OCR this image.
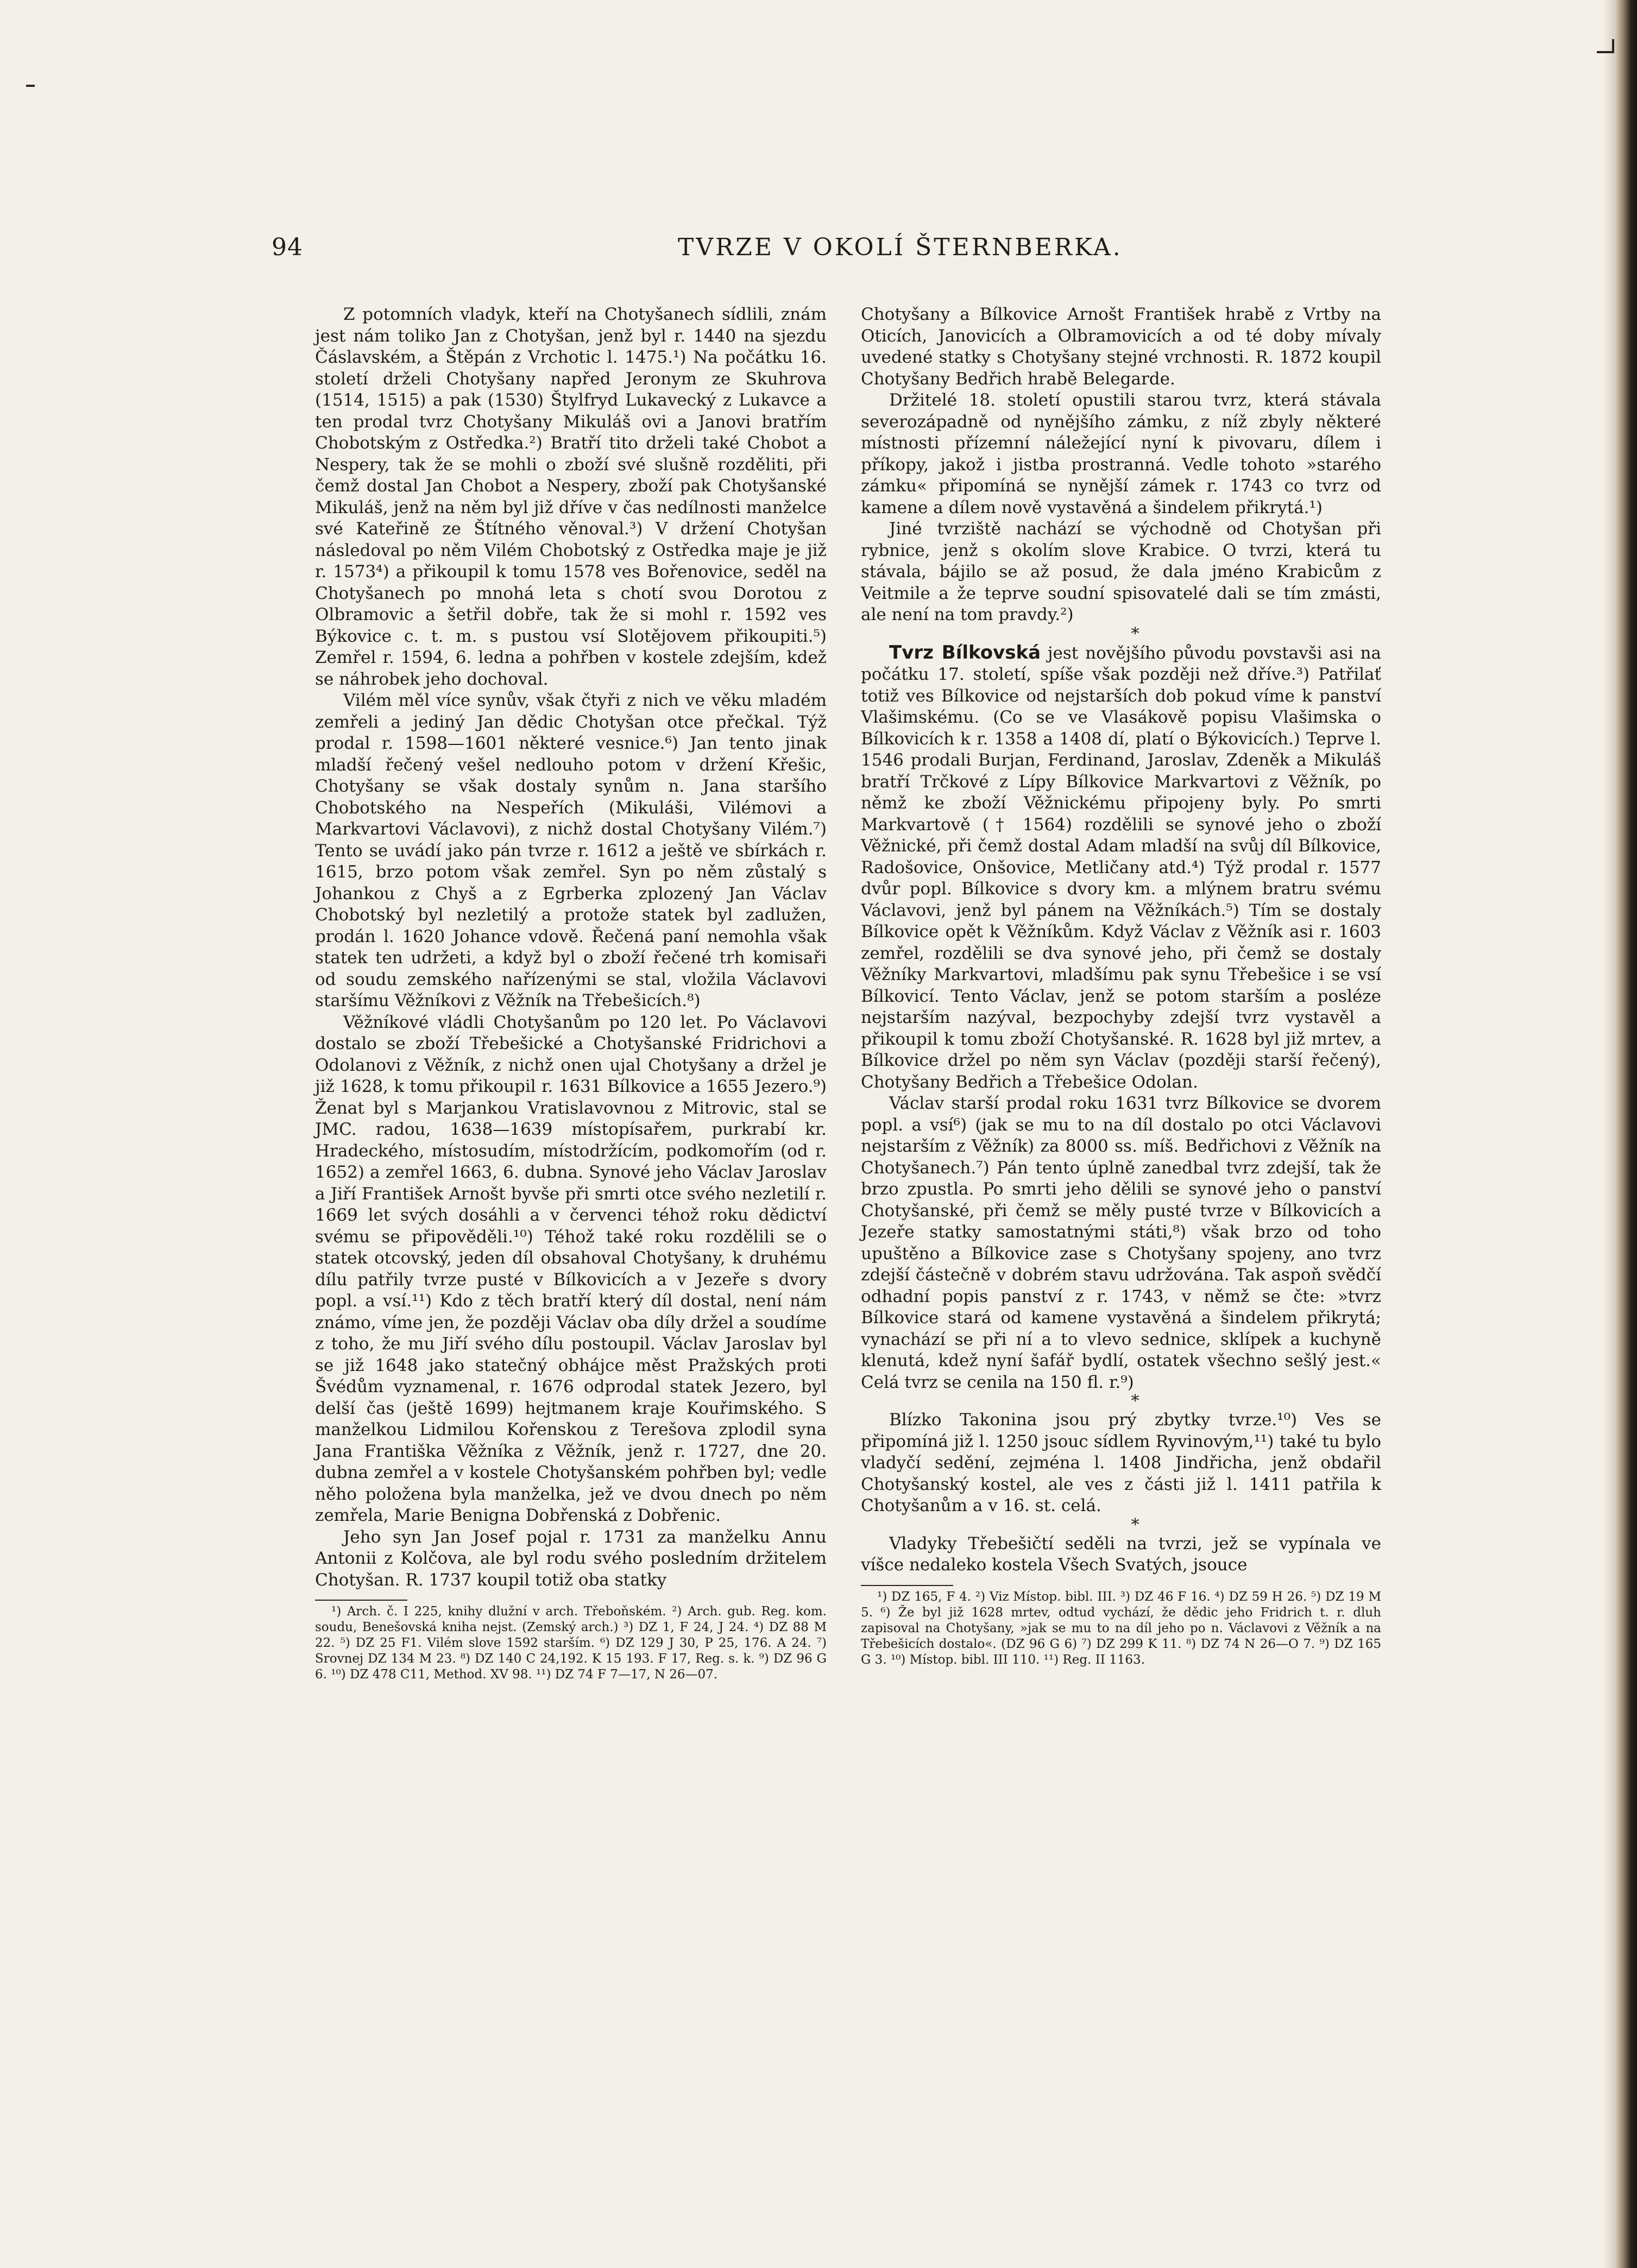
94	TVRZE V OKOLÍ ŠTERNBERKA.

Z potomních vladyk, kteří na Chotyšanech sídlili, znám jest nám toliko Jan z Chotyšan, jenž byl r. 1440 na sjezdu Čáslavském, a Štěpán z Vrchotic l. 1475.¹) Na počátku 16. století drželi Chotyšany napřed Jeronym ze Skuhrova (1514, 1515) a pak (1530) Štylfryd Lukavecký z Lukavce a ten prodal tvrz Chotyšany Mikuláš ovi a Janovi bratřím Chobotským z Ostředka.²) Bratří tito drželi také Chobot a Nespery, tak že se mohli o zboží své slušně rozděliti, při čemž dostal Jan Chobot a Nespery, zboží pak Chotyšanské Mikuláš, jenž na něm byl již dříve v čas nedílnosti manželce své Kateřině ze Štítného věnoval.³) V držení Chotyšan následoval po něm Vilém Chobotský z Ostředka maje je již r. 1573⁴) a přikoupil k tomu 1578 ves Bořenovice, seděl na Chotyšanech po mnohá leta s chotí svou Dorotou z Olbramovic a šetřil dobře, tak že si mohl r. 1592 ves Býkovice c. t. m. s pustou vsí Slotějovem přikoupiti.⁵) Zemřel r. 1594, 6. ledna a pohřben v kostele zdejším, kdež se náhrobek jeho dochoval.

Vilém měl více synův, však čtyři z nich ve věku mladém zemřeli a jediný Jan dědic Chotyšan otce přečkal. Týž prodal r. 1598—1601 některé vesnice.⁶) Jan tento jinak mladší řečený vešel nedlouho potom v držení Křešic, Chotyšany se však dostaly synům n. Jana staršího Chobotského na Nespeřích (Mikuláši, Vilémovi a Markvartovi Václavovi), z nichž dostal Chotyšany Vilém.⁷) Tento se uvádí jako pán tvrze r. 1612 a ještě ve sbírkách r. 1615, brzo potom však zemřel. Syn po něm zůstalý s Johankou z Chyš a z Egrberka zplozený Jan Václav Chobotský byl nezletilý a protože statek byl zadlužen, prodán l. 1620 Johance vdově. Řečená paní nemohla však statek ten udržeti, a když byl o zboží řečené trh komisaři od soudu zemského nařízenými se stal, vložila Václavovi staršímu Věžníkovi z Věžník na Třebešicích.⁸)

Věžníkové vládli Chotyšanům po 120 let. Po Václavovi dostalo se zboží Třebešické a Chotyšanské Fridrichovi a Odolanovi z Věžník, z nichž onen ujal Chotyšany a držel je již 1628, k tomu přikoupil r. 1631 Bílkovice a 1655 Jezero.⁹) Ženat byl s Marjankou Vratislavovnou z Mitrovic, stal se JMC. radou, 1638—1639 místopísařem, purkrabí kr. Hradeckého, místosudím, místodržícím, podkomořím (od r. 1652) a zemřel 1663, 6. dubna. Synové jeho Václav Jaroslav a Jiří František Arnošt byvše při smrti otce svého nezletilí r. 1669 let svých dosáhli a v červenci téhož roku dědictví svému se připověděli.¹⁰) Téhož také roku rozdělili se o statek otcovský, jeden díl obsahoval Chotyšany, k druhému dílu patřily tvrze pusté v Bílkovicích a v Jezeře s dvory popl. a vsí.¹¹) Kdo z těch bratří který díl dostal, není nám známo, víme jen, že později Václav oba díly držel a soudíme z toho, že mu Jiří svého dílu postoupil. Václav Jaroslav byl se již 1648 jako statečný obhájce měst Pražských proti Švédům vyznamenal, r. 1676 odprodal statek Jezero, byl delší čas (ještě 1699) hejtmanem kraje Kouřimského. S manželkou Lidmilou Kořenskou z Terešova zplodil syna Jana Františka Věžníka z Věžník, jenž r. 1727, dne 20. dubna zemřel a v kostele Chotyšanském pohřben byl; vedle něho položena byla manželka, jež ve dvou dnech po něm zemřela, Marie Benigna Dobřenská z Dobřenic.

Jeho syn Jan Josef pojal r. 1731 za manželku Annu Antonii z Kolčova, ale byl rodu svého posledním držitelem Chotyšan. R. 1737 koupil totiž oba statky

¹) Arch. č. I 225, knihy dlužní v arch. Třeboňském. ²) Arch. gub. Reg. kom. soudu, Benešovská kniha nejst. (Zemský arch.) ³) DZ 1, F 24, J 24. ⁴) DZ 88 M 22. ⁵) DZ 25 F1. Vilém slove 1592 starším. ⁶) DZ 129 J 30, P 25, 176. A 24. ⁷) Srovnej DZ 134 M 23. ⁸) DZ 140 C 24,192. K 15 193. F 17, Reg. s. k. ⁹) DZ 96 G 6. ¹⁰) DZ 478 C11, Method. XV 98. ¹¹) DZ 74 F 7—17, N 26—07.

Chotyšany a Bílkovice Arnošt František hrabě z Vrtby na Oticích, Janovicích a Olbramovicích a od té doby mívaly uvedené statky s Chotyšany stejné vrchnosti. R. 1872 koupil Chotyšany Bedřich hrabě Belegarde.

Držitelé 18. století opustili starou tvrz, která stávala severozápadně od nynějšího zámku, z níž zbyly některé místnosti přízemní náležející nyní k pivovaru, dílem i příkopy, jakož i jistba prostranná. Vedle tohoto »starého zámku« připomíná se nynější zámek r. 1743 co tvrz od kamene a dílem nově vystavěná a šindelem přikrytá.¹)

Jiné tvrziště nachází se východně od Chotyšan při rybnice, jenž s okolím slove Krabice. O tvrzi, která tu stávala, bájilo se až posud, že dala jméno Krabicům z Veitmile a že teprve soudní spisovatelé dali se tím zmásti, ale není na tom pravdy.²)

*

Tvrz Bílkovská jest novějšího původu povstavši asi na počátku 17. století, spíše však později než dříve.³) Patřilať totiž ves Bílkovice od nejstarších dob pokud víme k panství Vlašimskému. (Co se ve Vlasákově popisu Vlašimska o Bílkovicích k r. 1358 a 1408 dí, platí o Býkovicích.) Teprve l. 1546 prodali Burjan, Ferdinand, Jaroslav, Zdeněk a Mikuláš bratří Trčkové z Lípy Bílkovice Markvartovi z Věžník, po němž ke zboží Věžnickému připojeny byly. Po smrti Markvartově († 1564) rozdělili se synové jeho o zboží Věžnické, při čemž dostal Adam mladší na svůj díl Bílkovice, Radošovice, Onšovice, Metličany atd.⁴) Týž prodal r. 1577 dvůr popl. Bílkovice s dvory km. a mlýnem bratru svému Václavovi, jenž byl pánem na Věžníkách.⁵) Tím se dostaly Bílkovice opět k Věžníkům. Když Václav z Věžník asi r. 1603 zemřel, rozdělili se dva synové jeho, při čemž se dostaly Věžníky Markvartovi, mladšímu pak synu Třebešice i se vsí Bílkovicí. Tento Václav, jenž se potom starším a posléze nejstarším nazýval, bezpochyby zdejší tvrz vystavěl a přikoupil k tomu zboží Chotyšanské. R. 1628 byl již mrtev, a Bílkovice držel po něm syn Václav (později starší řečený), Chotyšany Bedřich a Třebešice Odolan.

Václav starší prodal roku 1631 tvrz Bílkovice se dvorem popl. a vsí⁶) (jak se mu to na díl dostalo po otci Václavovi nejstarším z Věžník) za 8000 ss. míš. Bedřichovi z Věžník na Chotyšanech.⁷) Pán tento úplně zanedbal tvrz zdejší, tak že brzo zpustla. Po smrti jeho dělili se synové jeho o panství Chotyšanské, při čemž se měly pusté tvrze v Bílkovicích a Jezeře statky samostatnými státi,⁸) však brzo od toho upuštěno a Bílkovice zase s Chotyšany spojeny, ano tvrz zdejší částečně v dobrém stavu udržována. Tak aspoň svědčí odhadní popis panství z r. 1743, v němž se čte: »tvrz Bílkovice stará od kamene vystavěná a šindelem přikrytá; vynachází se při ní a to vlevo sednice, sklípek a kuchyně klenutá, kdež nyní šafář bydlí, ostatek všechno sešlý jest.« Celá tvrz se cenila na 150 fl. r.⁹)

*

Blízko Takonina jsou prý zbytky tvrze.¹⁰) Ves se připomíná již l. 1250 jsouc sídlem Ryvinovým,¹¹) také tu bylo vladyčí sedění, zejména l. 1408 Jindřicha, jenž obdařil Chotyšanský kostel, ale ves z části již l. 1411 patřila k Chotyšanům a v 16. st. celá.

*

Vladyky Třebešičtí seděli na tvrzi, jež se vypínala ve víšce nedaleko kostela Všech Svatých, jsouce

¹) DZ 165, F 4. ²) Viz Místop. bibl. III. ³) DZ 46 F 16. ⁴) DZ 59 H 26. ⁵) DZ 19 M 5. ⁶) Že byl již 1628 mrtev, odtud vychází, že dědic jeho Fridrich t. r. dluh zapisoval na Chotyšany, »jak se mu to na díl jeho po n. Václavovi z Věžník a na Třebešicích dostalo«. (DZ 96 G 6) ⁷) DZ 299 K 11. ⁸) DZ 74 N 26—O 7. ⁹) DZ 165 G 3. ¹⁰) Místop. bibl. III 110. ¹¹) Reg. II 1163.
